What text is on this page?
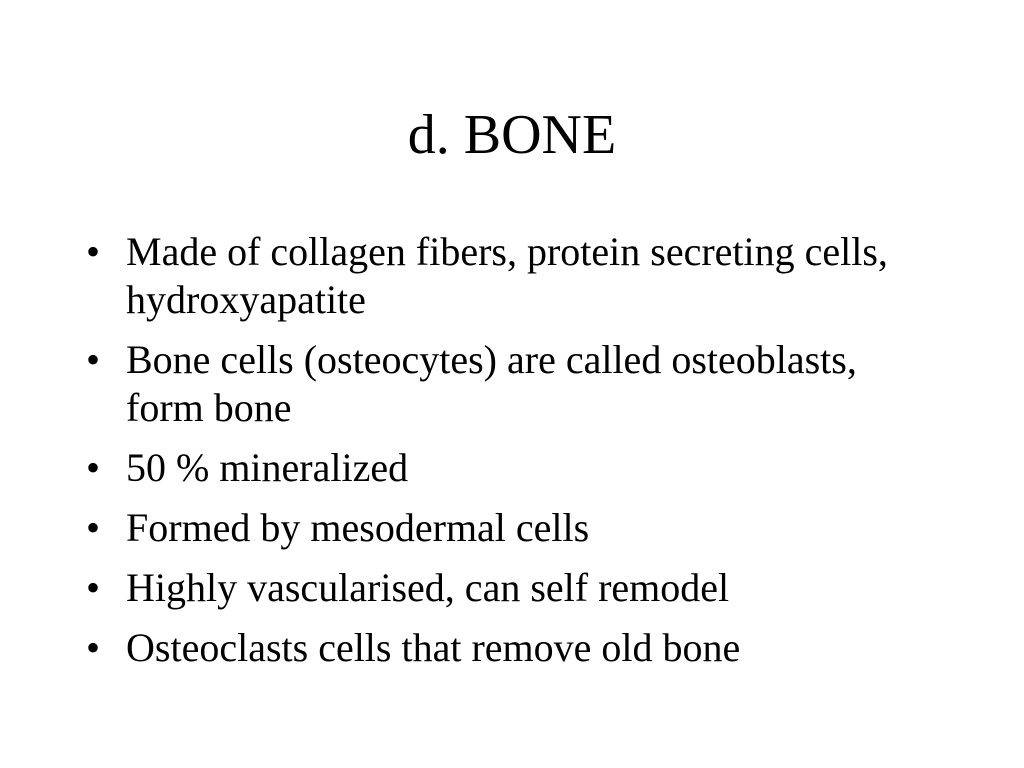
d. BONE
• Made of collagen fibers, protein secreting cells, hydroxyapatite
• Bone cells (osteocytes) are called osteoblasts, form bone
• 50 % mineralized
• Formed by mesodermal cells
• Highly vascularised, can self remodel
• Osteoclasts cells that remove old bone
